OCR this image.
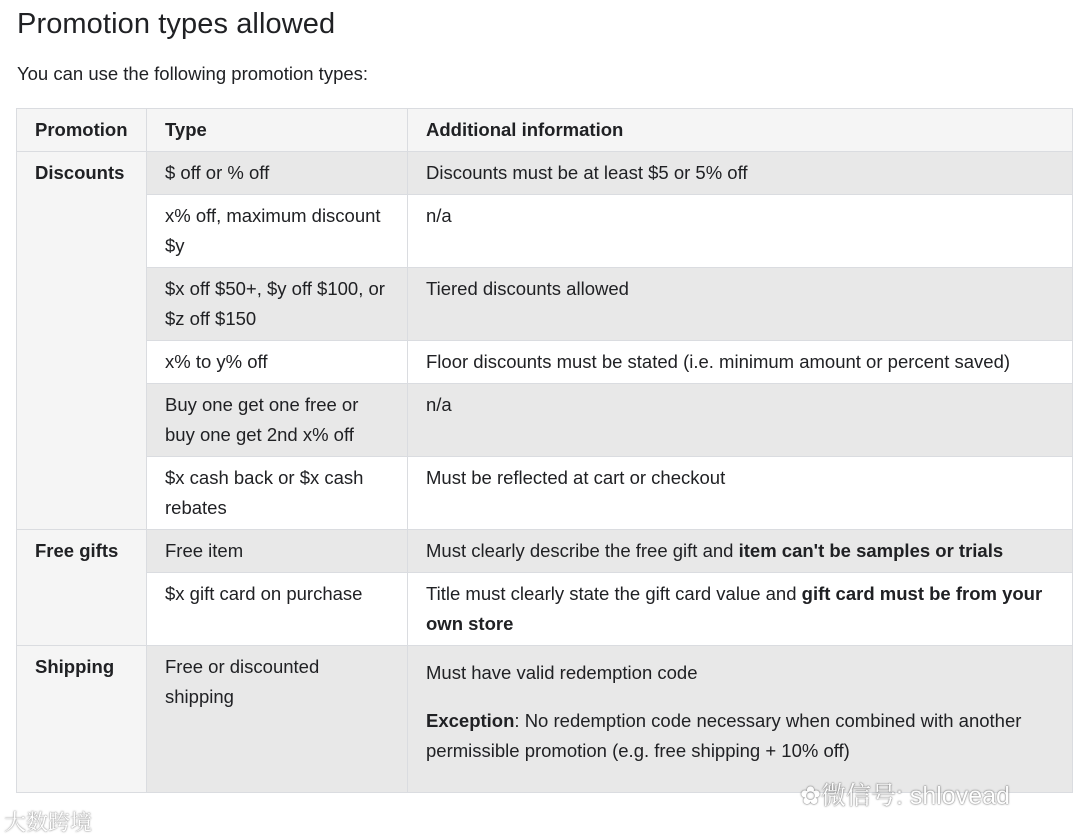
Promotion types allowed

You can use the following promotion types:

Promotion	Type	Additional information
Discounts	$ off or % off	Discounts must be at least $5 or 5% off
	x% off, maximum discount $y	n/a
	$x off $50+, $y off $100, or $z off $150	Tiered discounts allowed
	x% to y% off	Floor discounts must be stated (i.e. minimum amount or percent saved)
	Buy one get one free or buy one get 2nd x% off	n/a
	$x cash back or $x cash rebates	Must be reflected at cart or checkout
Free gifts	Free item	Must clearly describe the free gift and item can't be samples or trials
	$x gift card on purchase	Title must clearly state the gift card value and gift card must be from your own store
Shipping	Free or discounted shipping	Must have valid redemption code

Exception: No redemption code necessary when combined with another permissible promotion (e.g. free shipping + 10% off)

大数跨境
✿微信号: shlovead
